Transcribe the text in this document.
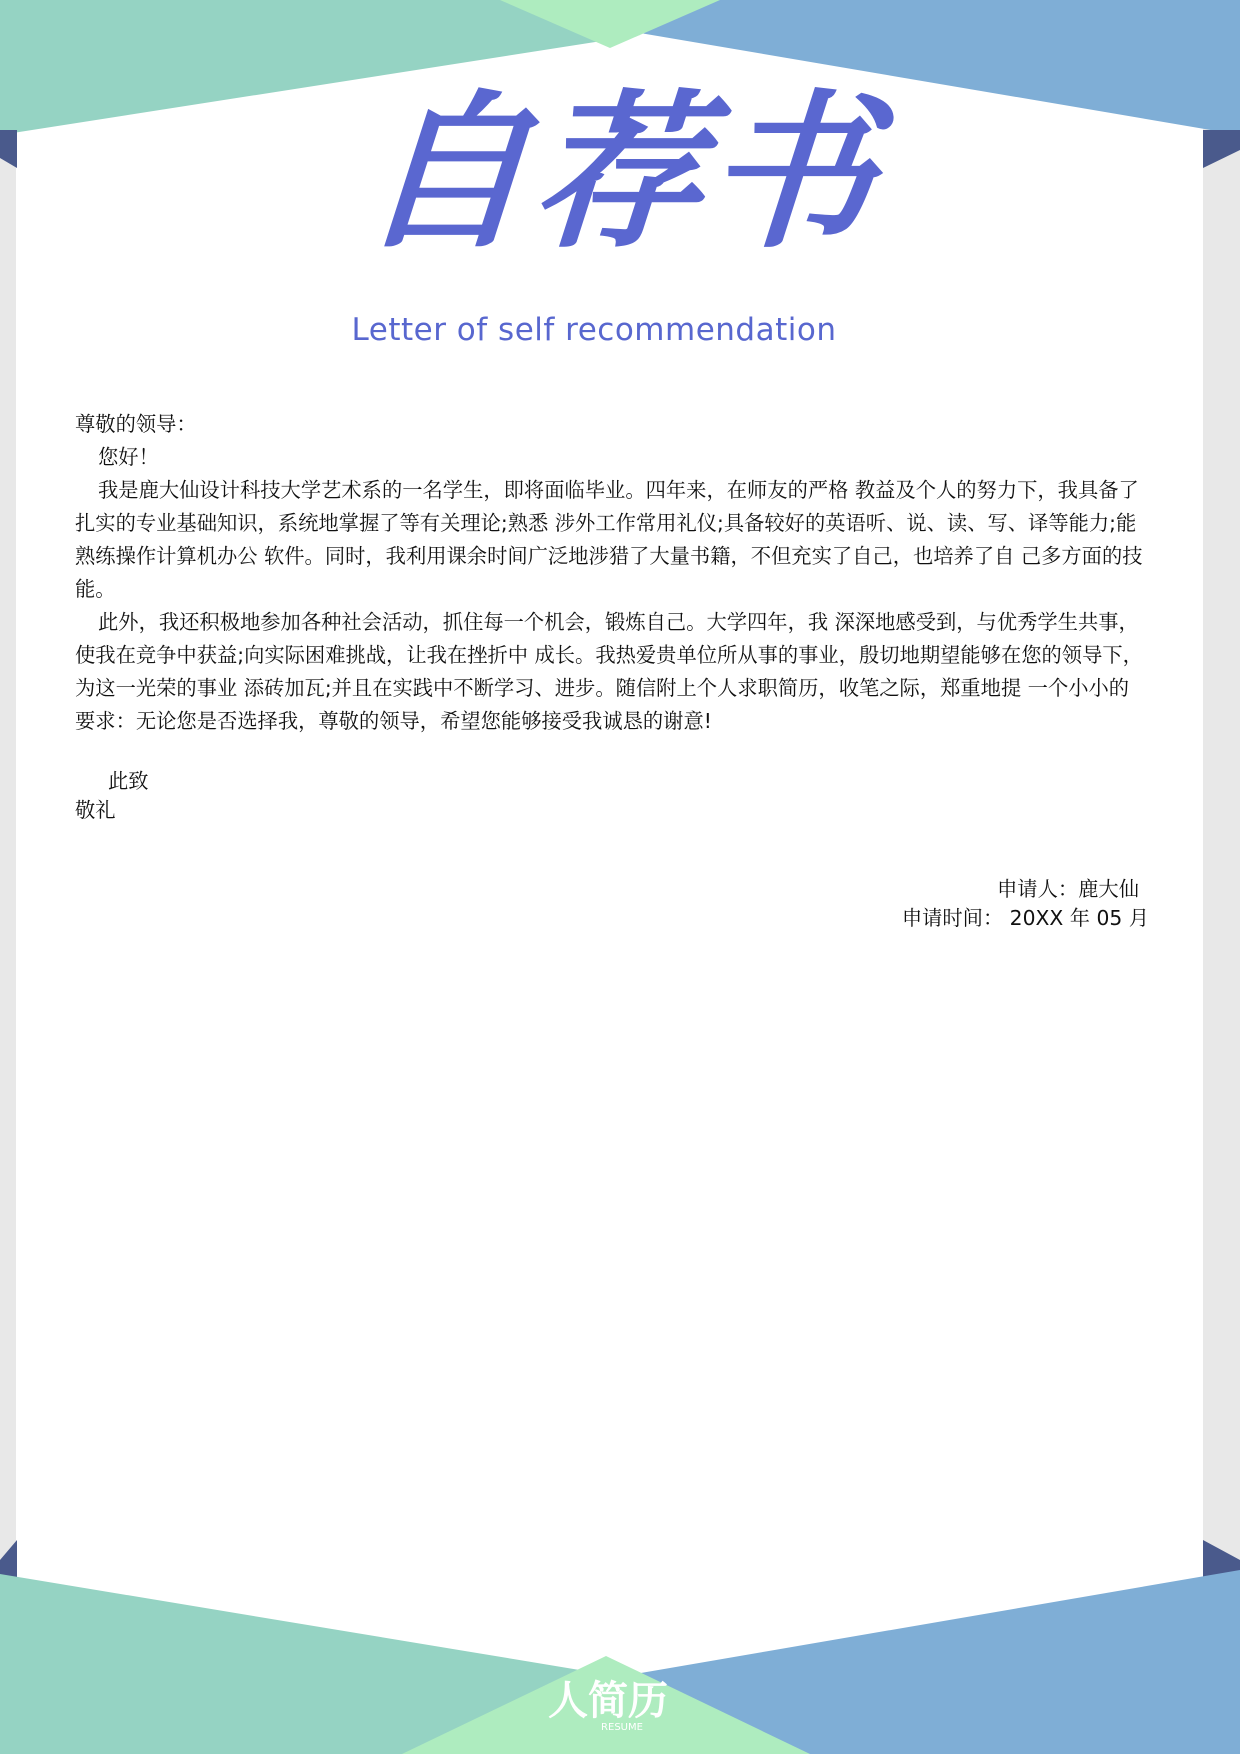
自荐书
Letter of self recommendation

尊敬的领导：

您好！

我是鹿大仙设计科技大学艺术系的一名学生，即将面临毕业。四年来，在师友的严格 教益及个人的努力下，我具备了扎实的专业基础知识，系统地掌握了等有关理论;熟悉 涉外工作常用礼仪;具备较好的英语听、说、读、写、译等能力;能熟练操作计算机办公 软件。同时，我利用课余时间广泛地涉猎了大量书籍，不但充实了自己，也培养了自 己多方面的技能。

此外，我还积极地参加各种社会活动，抓住每一个机会，锻炼自己。大学四年，我 深深地感受到，与优秀学生共事，使我在竞争中获益;向实际困难挑战，让我在挫折中 成长。我热爱贵单位所从事的事业，殷切地期望能够在您的领导下，为这一光荣的事业 添砖加瓦;并且在实践中不断学习、进步。随信附上个人求职简历，收笔之际，郑重地提 一个小小的要求：无论您是否选择我，尊敬的领导，希望您能够接受我诚恳的谢意!

此致
敬礼
申请人：鹿大仙
申请时间： 20XX 年 05 月
人简历
RESUME
